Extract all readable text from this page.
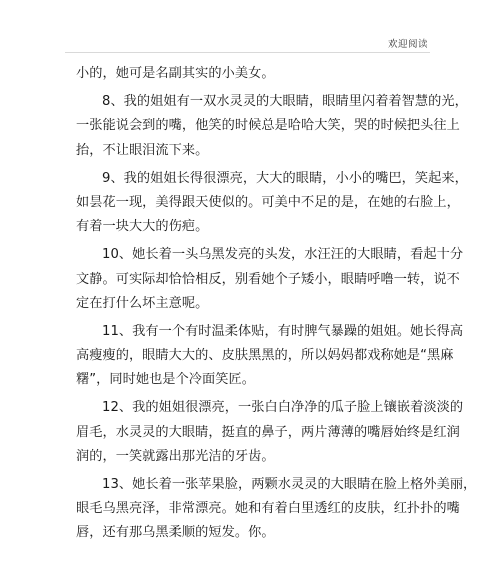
欢迎阅读
小的，她可是名副其实的小美女。
8、我的姐姐有一双水灵灵的大眼睛，眼睛里闪着着智慧的光，
一张能说会到的嘴，他笑的时候总是哈哈大笑，哭的时候把头往上
抬，不让眼泪流下来。
9、我的姐姐长得很漂亮，大大的眼睛，小小的嘴巴，笑起来，
如昙花一现，美得跟天使似的。可美中不足的是，在她的右脸上，
有着一块大大的伤疤。
10、她长着一头乌黑发亮的头发，水汪汪的大眼睛，看起十分
文静。可实际却恰恰相反，别看她个子矮小，眼睛呼噜一转，说不
定在打什么坏主意呢。
11、我有一个有时温柔体贴，有时脾气暴躁的姐姐。她长得高
高瘦瘦的，眼睛大大的、皮肤黑黑的，所以妈妈都戏称她是“黑麻
糬”，同时她也是个冷面笑匠。
12、我的姐姐很漂亮，一张白白净净的瓜子脸上镶嵌着淡淡的
眉毛，水灵灵的大眼睛，挺直的鼻子，两片薄薄的嘴唇始终是红润
润的，一笑就露出那光洁的牙齿。
13、她长着一张苹果脸，两颗水灵灵的大眼睛在脸上格外美丽，
眼毛乌黑亮泽，非常漂亮。她和有着白里透红的皮肤，红扑扑的嘴
唇，还有那乌黑柔顺的短发。你。
